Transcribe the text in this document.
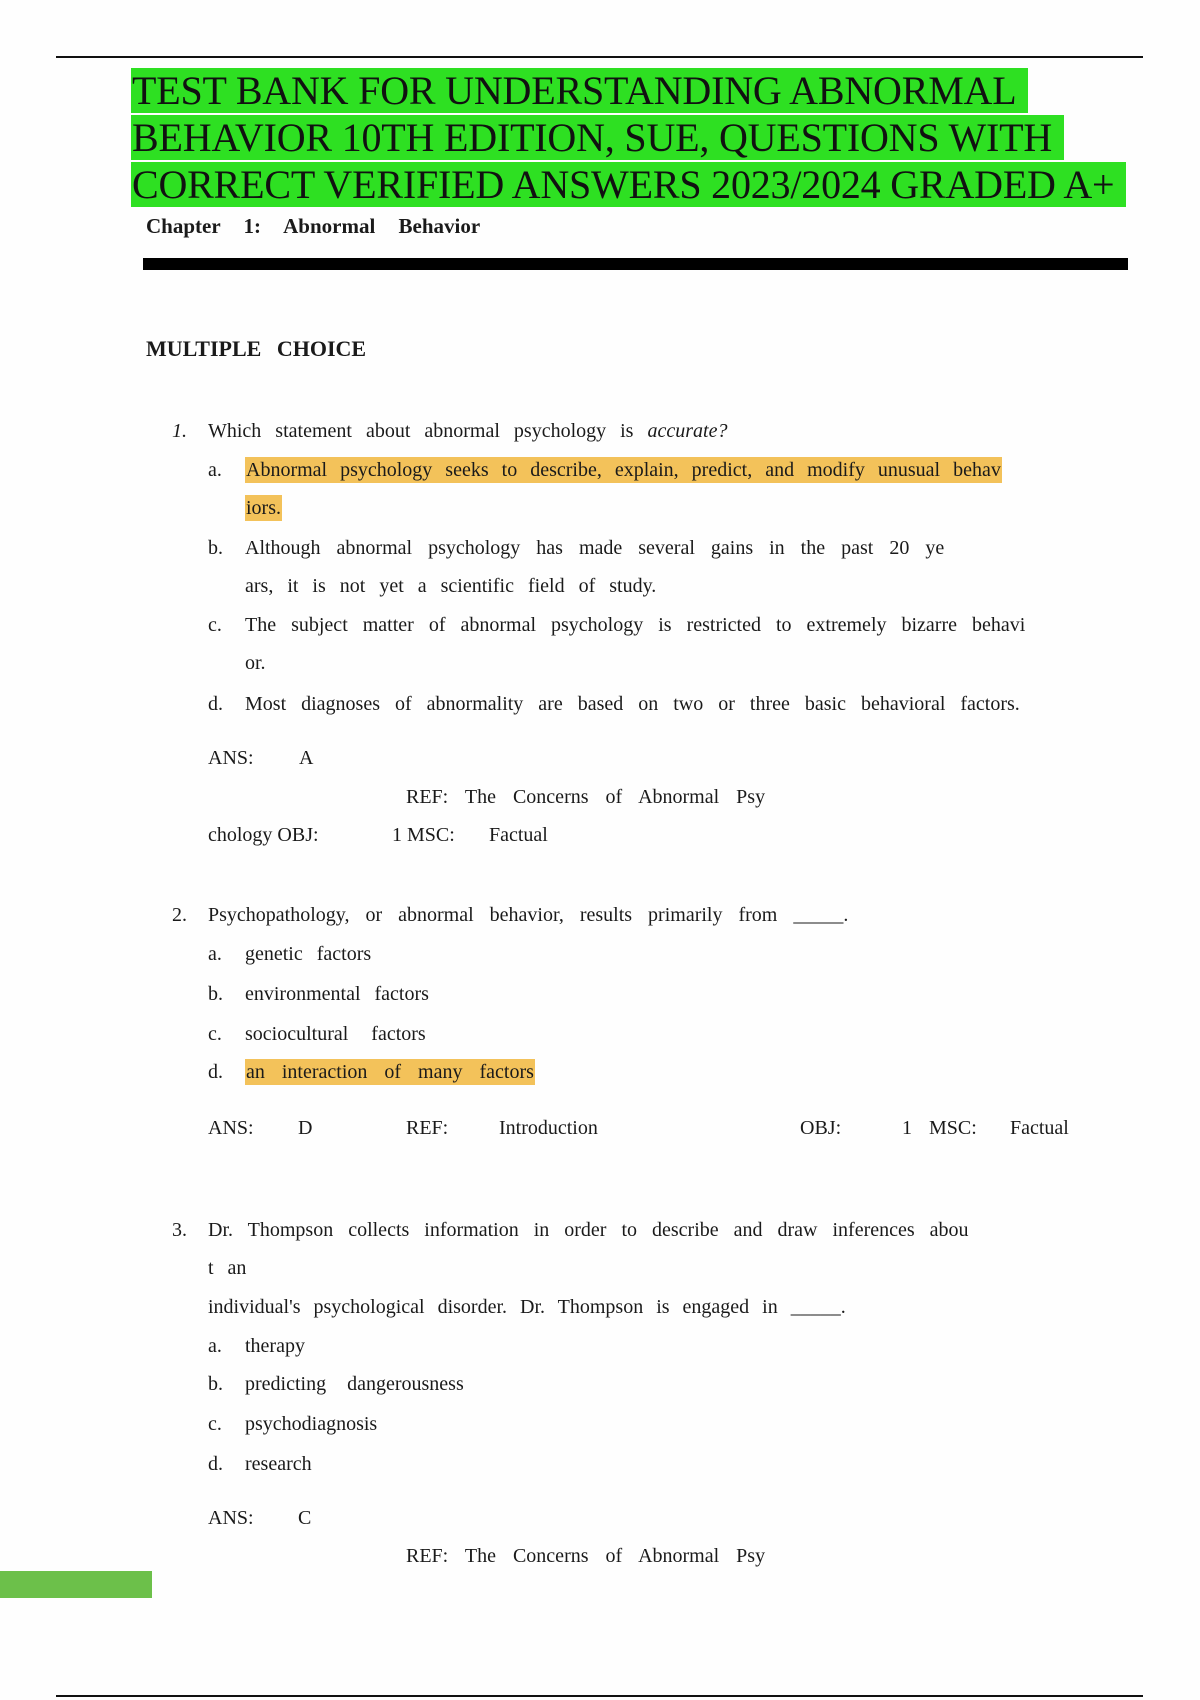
TEST BANK FOR UNDERSTANDING ABNORMAL
BEHAVIOR 10TH EDITION, SUE, QUESTIONS WITH
CORRECT VERIFIED ANSWERS 2023/2024 GRADED A+
Chapter 1: Abnormal Behavior
MULTIPLE CHOICE
1. Which statement about abnormal psychology is accurate?
a. Abnormal psychology seeks to describe, explain, predict, and modify unusual behav
iors.
b. Although abnormal psychology has made several gains in the past 20 ye
ars, it is not yet a scientific field of study.
c. The subject matter of abnormal psychology is restricted to extremely bizarre behavi
or.
d. Most diagnoses of abnormality are based on two or three basic behavioral factors.
ANS: A
REF: The Concerns of Abnormal Psy
chology OBJ:	1 MSC: Factual
2. Psychopathology, or abnormal behavior, results primarily from _____.
a. genetic factors
b. environmental factors
c. sociocultural factors
d. an interaction of many factors
ANS: D	REF:	Introduction	OBJ:	1 MSC: Factual
3. Dr. Thompson collects information in order to describe and draw inferences abou
t an
individual's psychological disorder. Dr. Thompson is engaged in _____.
a. therapy
b. predicting dangerousness
c. psychodiagnosis
d. research
ANS: C
REF: The Concerns of Abnormal Psy
